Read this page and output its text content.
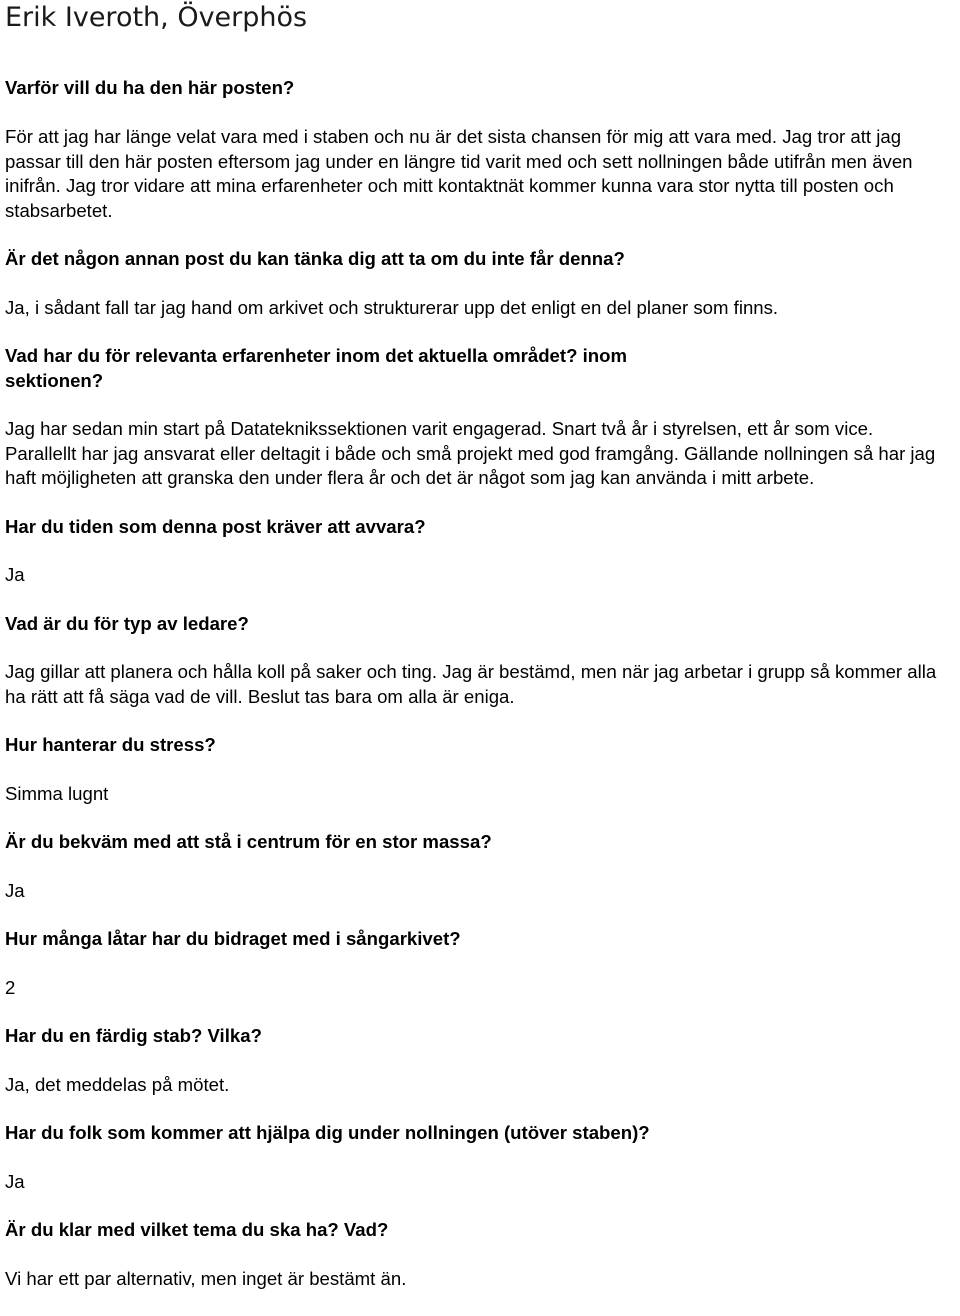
Erik Iveroth, Överphös

Varför vill du ha den här posten?

För att jag har länge velat vara med i staben och nu är det sista chansen för mig att vara med. Jag tror att jag passar till den här posten eftersom jag under en längre tid varit med och sett nollningen både utifrån men även inifrån. Jag tror vidare att mina erfarenheter och mitt kontaktnät kommer kunna vara stor nytta till posten och stabsarbetet.

Är det någon annan post du kan tänka dig att ta om du inte får denna?

Ja, i sådant fall tar jag hand om arkivet och strukturerar upp det enligt en del planer som finns.

Vad har du för relevanta erfarenheter inom det aktuella området? inom sektionen?

Jag har sedan min start på Datateknikssektionen varit engagerad. Snart två år i styrelsen, ett år som vice. Parallellt har jag ansvarat eller deltagit i både och små projekt med god framgång. Gällande nollningen så har jag haft möjligheten att granska den under flera år och det är något som jag kan använda i mitt arbete.

Har du tiden som denna post kräver att avvara?

Ja

Vad är du för typ av ledare?

Jag gillar att planera och hålla koll på saker och ting. Jag är bestämd, men när jag arbetar i grupp så kommer alla ha rätt att få säga vad de vill. Beslut tas bara om alla är eniga.

Hur hanterar du stress?

Simma lugnt

Är du bekväm med att stå i centrum för en stor massa?

Ja

Hur många låtar har du bidraget med i sångarkivet?

2

Har du en färdig stab? Vilka?

Ja, det meddelas på mötet.

Har du folk som kommer att hjälpa dig under nollningen (utöver staben)?

Ja

Är du klar med vilket tema du ska ha? Vad?

Vi har ett par alternativ, men inget är bestämt än.
